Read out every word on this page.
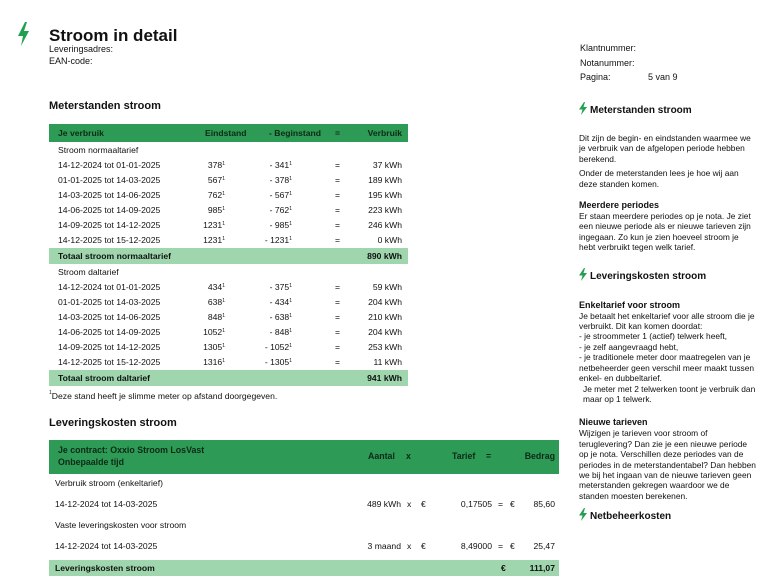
Stroom in detail
Leveringsadres:
EAN-code:
Klantnummer:
Notanummer:
Pagina:	5 van 9
Meterstanden stroom
Je verbruik	Eindstand	- Beginstand =	Verbruik
Stroom normaaltarief
14-12-2024 tot 01-01-2025	$378^1$	- $341^1$	=	37 kWh
01-01-2025 tot 14-03-2025	$567^1$	- $378^1$	=	189 kWh
14-03-2025 tot 14-06-2025	$762^1$	- $567^1$	=	195 kWh
14-06-2025 tot 14-09-2025	$985^1$	- $762^1$	=	223 kWh
14-09-2025 tot 14-12-2025	1231$^1$	- $985^1$	=	246 kWh
14-12-2025 tot 15-12-2025	1231$^1$	- $1231^1$	=	0 kWh
Totaal stroom normaaltarief	890 kWh
Stroom daltarief
14-12-2024 tot 01-01-2025	$434^1$	- $375^1$	=	59 kWh
01-01-2025 tot 14-03-2025	$638^1$	- $434^1$	=	204 kWh
14-03-2025 tot 14-06-2025	$848^1$	- $638^1$	=	210 kWh
14-06-2025 tot 14-09-2025	1052$^1$	- $848^1$	=	204 kWh
14-09-2025 tot 14-12-2025	1305$^1$	- $1052^1$	=	253 kWh
14-12-2025 tot 15-12-2025	1316$^1$	- $1305^1$	=	11 kWh
Totaal stroom daltarief	941 kWh
$^1$Deze stand heeft je slimme meter op afstand doorgegeven.
Leveringskosten stroom
Je contract: Oxxio Stroom LosVast
Onbepaalde tijd
Aantal x	Tarief =	Bedrag
Verbruik stroom (enkeltarief)
14-12-2024 tot 14-03-2025	489 kWh x €	0,17505 = € 85,60
Vaste leveringskosten voor stroom
14-12-2024 tot 14-03-2025	3 maand x €	8,49000 = € 25,47
Leveringskosten stroom	€	111,07
Meterstanden stroom

Dit zijn de begin- en eindstanden waarmee we je verbruik van de afgelopen periode hebben berekend.

Onder de meterstanden lees je hoe wij aan deze standen komen.

Meerdere periodes

Er staan meerdere periodes op je nota. Je ziet een nieuwe periode als er nieuwe tarieven zijn ingegaan. Zo kun je zien hoeveel stroom je hebt verbruikt tegen welk tarief.

Leveringskosten stroom
Enkeltarief voor stroom

Je betaalt het enkeltarief voor alle stroom die je verbruikt. Dit kan komen doordat:

- je stroommeter 1 (actief) telwerk heeft,

- je zelf aangevraagd hebt,

- je traditionele meter door maatregelen van je netbeheerder geen verschil meer maakt tussen enkel- en dubbeltarief.

Je meter met 2 telwerken toont je verbruik dan maar op 1 telwerk.

Nieuwe tarieven

Wijzigen je tarieven voor stroom of teruglevering? Dan zie je een nieuwe periode op je nota. Verschillen deze periodes van de periodes in de meterstandentabel? Dan hebben we bij het ingaan van de nieuwe tarieven geen meterstanden gekregen waardoor we de standen moesten berekenen.

Netbeheerkosten
